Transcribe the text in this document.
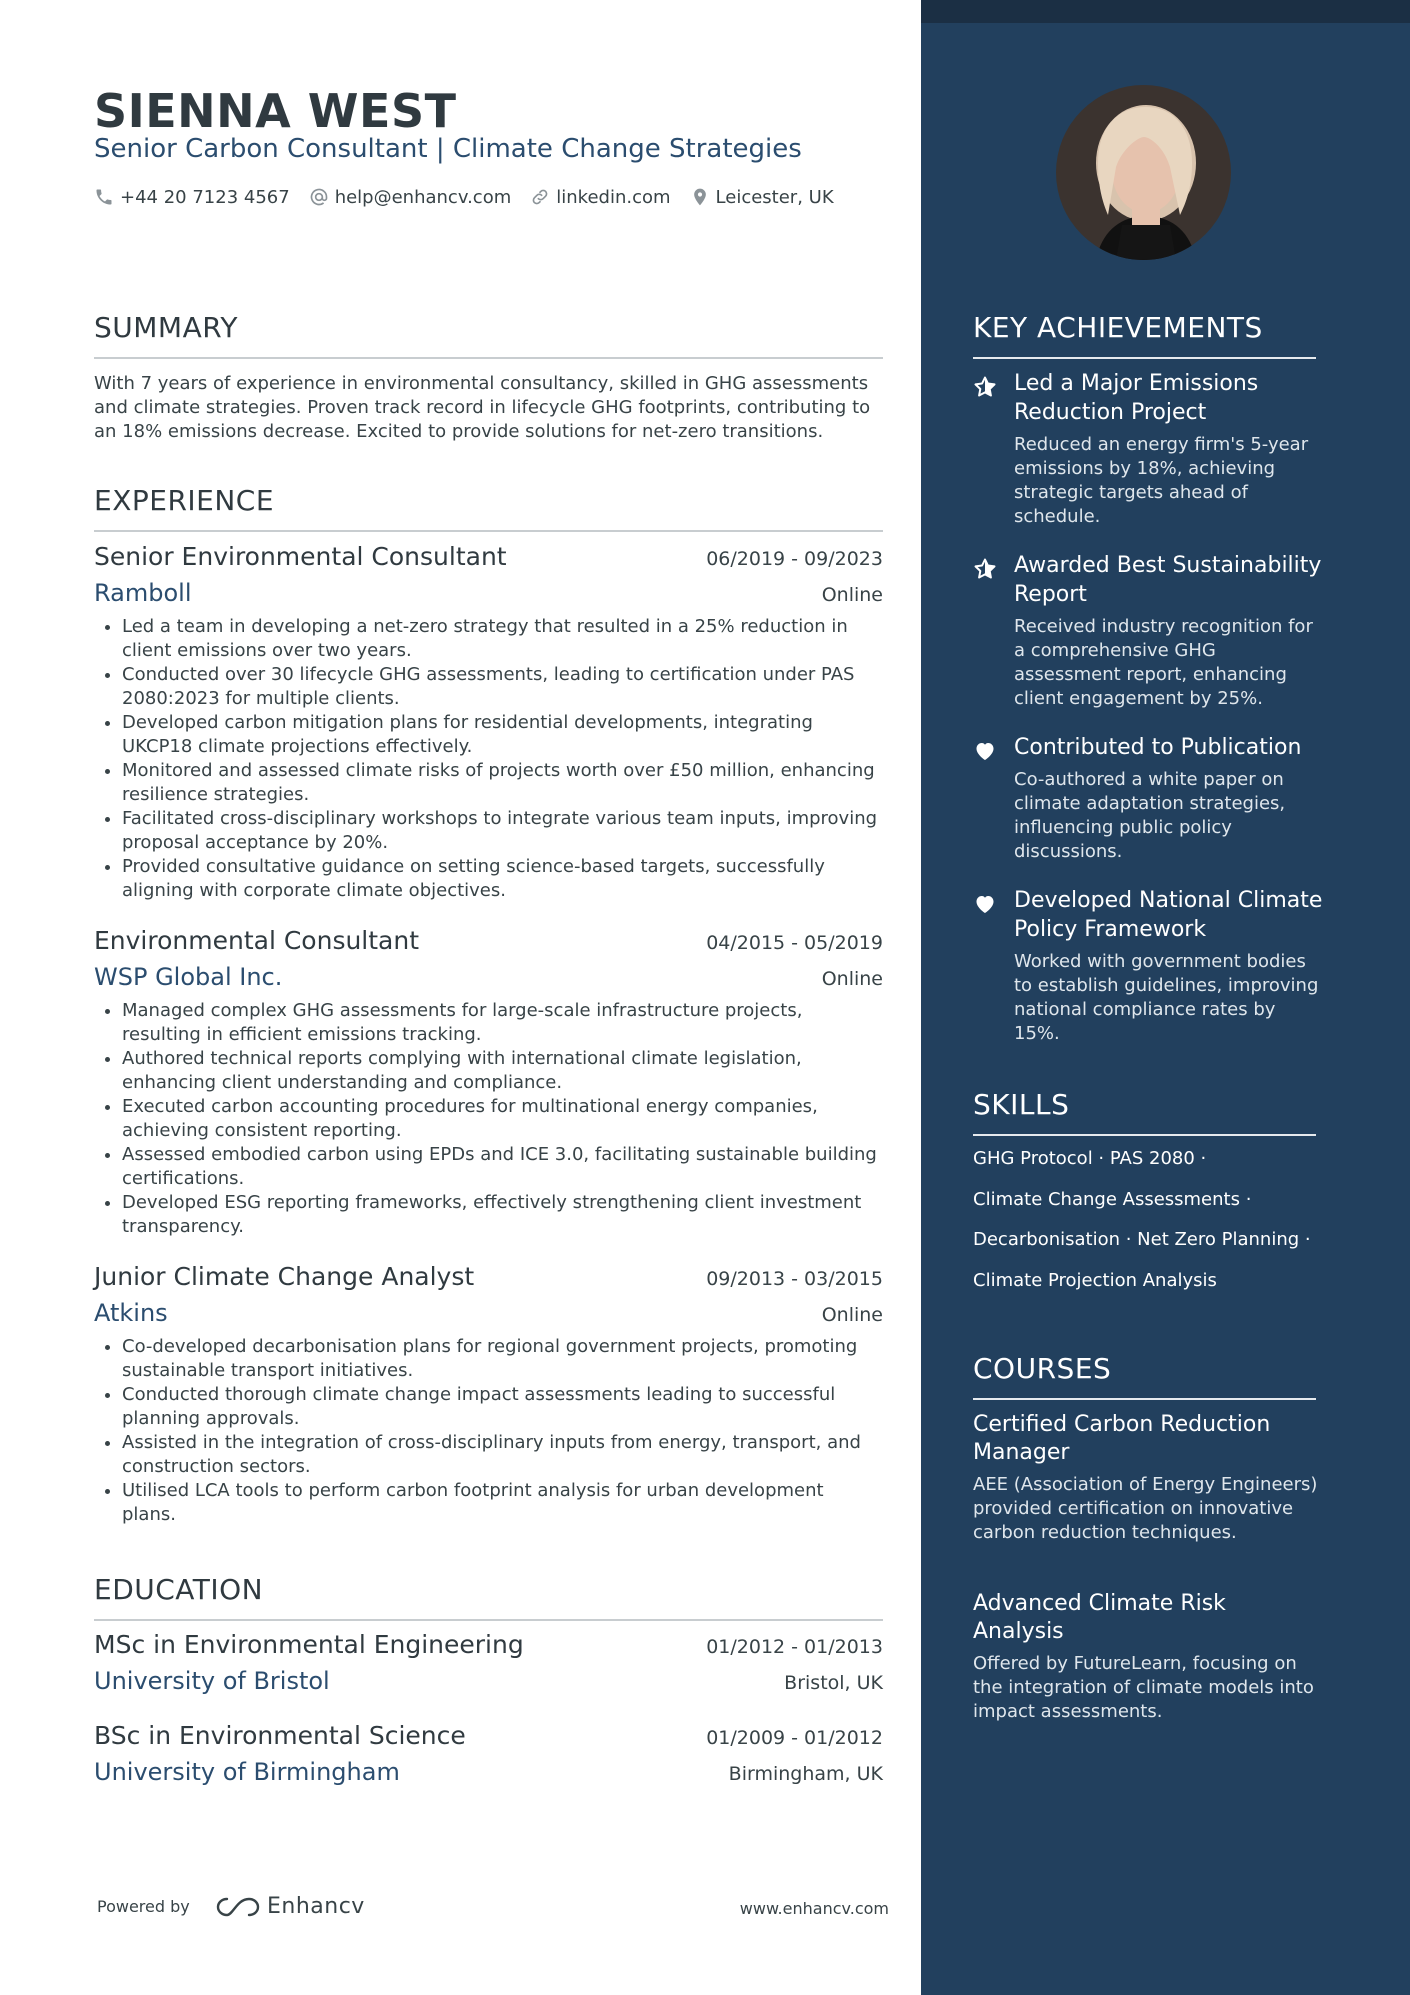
SIENNA WEST
Senior Carbon Consultant | Climate Change Strategies
+44 20 7123 4567	help@enhancv.com	linkedin.com	Leicester, UK
SUMMARY
With 7 years of experience in environmental consultancy, skilled in GHG assessments and climate strategies. Proven track record in lifecycle GHG footprints, contributing to an 18% emissions decrease. Excited to provide solutions for net-zero transitions.
EXPERIENCE
Senior Environmental Consultant	06/2019 - 09/2023
Ramboll	Online
• Led a team in developing a net-zero strategy that resulted in a 25% reduction in client emissions over two years.
• Conducted over 30 lifecycle GHG assessments, leading to certification under PAS 2080:2023 for multiple clients.
• Developed carbon mitigation plans for residential developments, integrating UKCP18 climate projections effectively.
• Monitored and assessed climate risks of projects worth over £50 million, enhancing resilience strategies.
• Facilitated cross-disciplinary workshops to integrate various team inputs, improving proposal acceptance by 20%.
• Provided consultative guidance on setting science-based targets, successfully aligning with corporate climate objectives.
Environmental Consultant	04/2015 - 05/2019
WSP Global Inc.	Online
• Managed complex GHG assessments for large-scale infrastructure projects, resulting in efficient emissions tracking.
• Authored technical reports complying with international climate legislation, enhancing client understanding and compliance.
• Executed carbon accounting procedures for multinational energy companies, achieving consistent reporting.
• Assessed embodied carbon using EPDs and ICE 3.0, facilitating sustainable building certifications.
• Developed ESG reporting frameworks, effectively strengthening client investment transparency.
Junior Climate Change Analyst	09/2013 - 03/2015
Atkins	Online
• Co-developed decarbonisation plans for regional government projects, promoting sustainable transport initiatives.
• Conducted thorough climate change impact assessments leading to successful planning approvals.
• Assisted in the integration of cross-disciplinary inputs from energy, transport, and construction sectors.
• Utilised LCA tools to perform carbon footprint analysis for urban development plans.
EDUCATION
MSc in Environmental Engineering	01/2012 - 01/2013
University of Bristol	Bristol, UK
BSc in Environmental Science	01/2009 - 01/2012
University of Birmingham	Birmingham, UK
Powered by	Enhancv	www.enhancv.com
KEY ACHIEVEMENTS
Led a Major Emissions Reduction Project
Reduced an energy firm's 5-year emissions by 18%, achieving strategic targets ahead of schedule.
Awarded Best Sustainability Report
Received industry recognition for a comprehensive GHG assessment report, enhancing client engagement by 25%.
Contributed to Publication
Co-authored a white paper on climate adaptation strategies, influencing public policy discussions.
Developed National Climate Policy Framework
Worked with government bodies to establish guidelines, improving national compliance rates by 15%.
SKILLS
GHG Protocol · PAS 2080 ·
Climate Change Assessments ·
Decarbonisation · Net Zero Planning ·
Climate Projection Analysis
COURSES
Certified Carbon Reduction Manager
AEE (Association of Energy Engineers) provided certification on innovative carbon reduction techniques.
Advanced Climate Risk Analysis
Offered by FutureLearn, focusing on the integration of climate models into impact assessments.
